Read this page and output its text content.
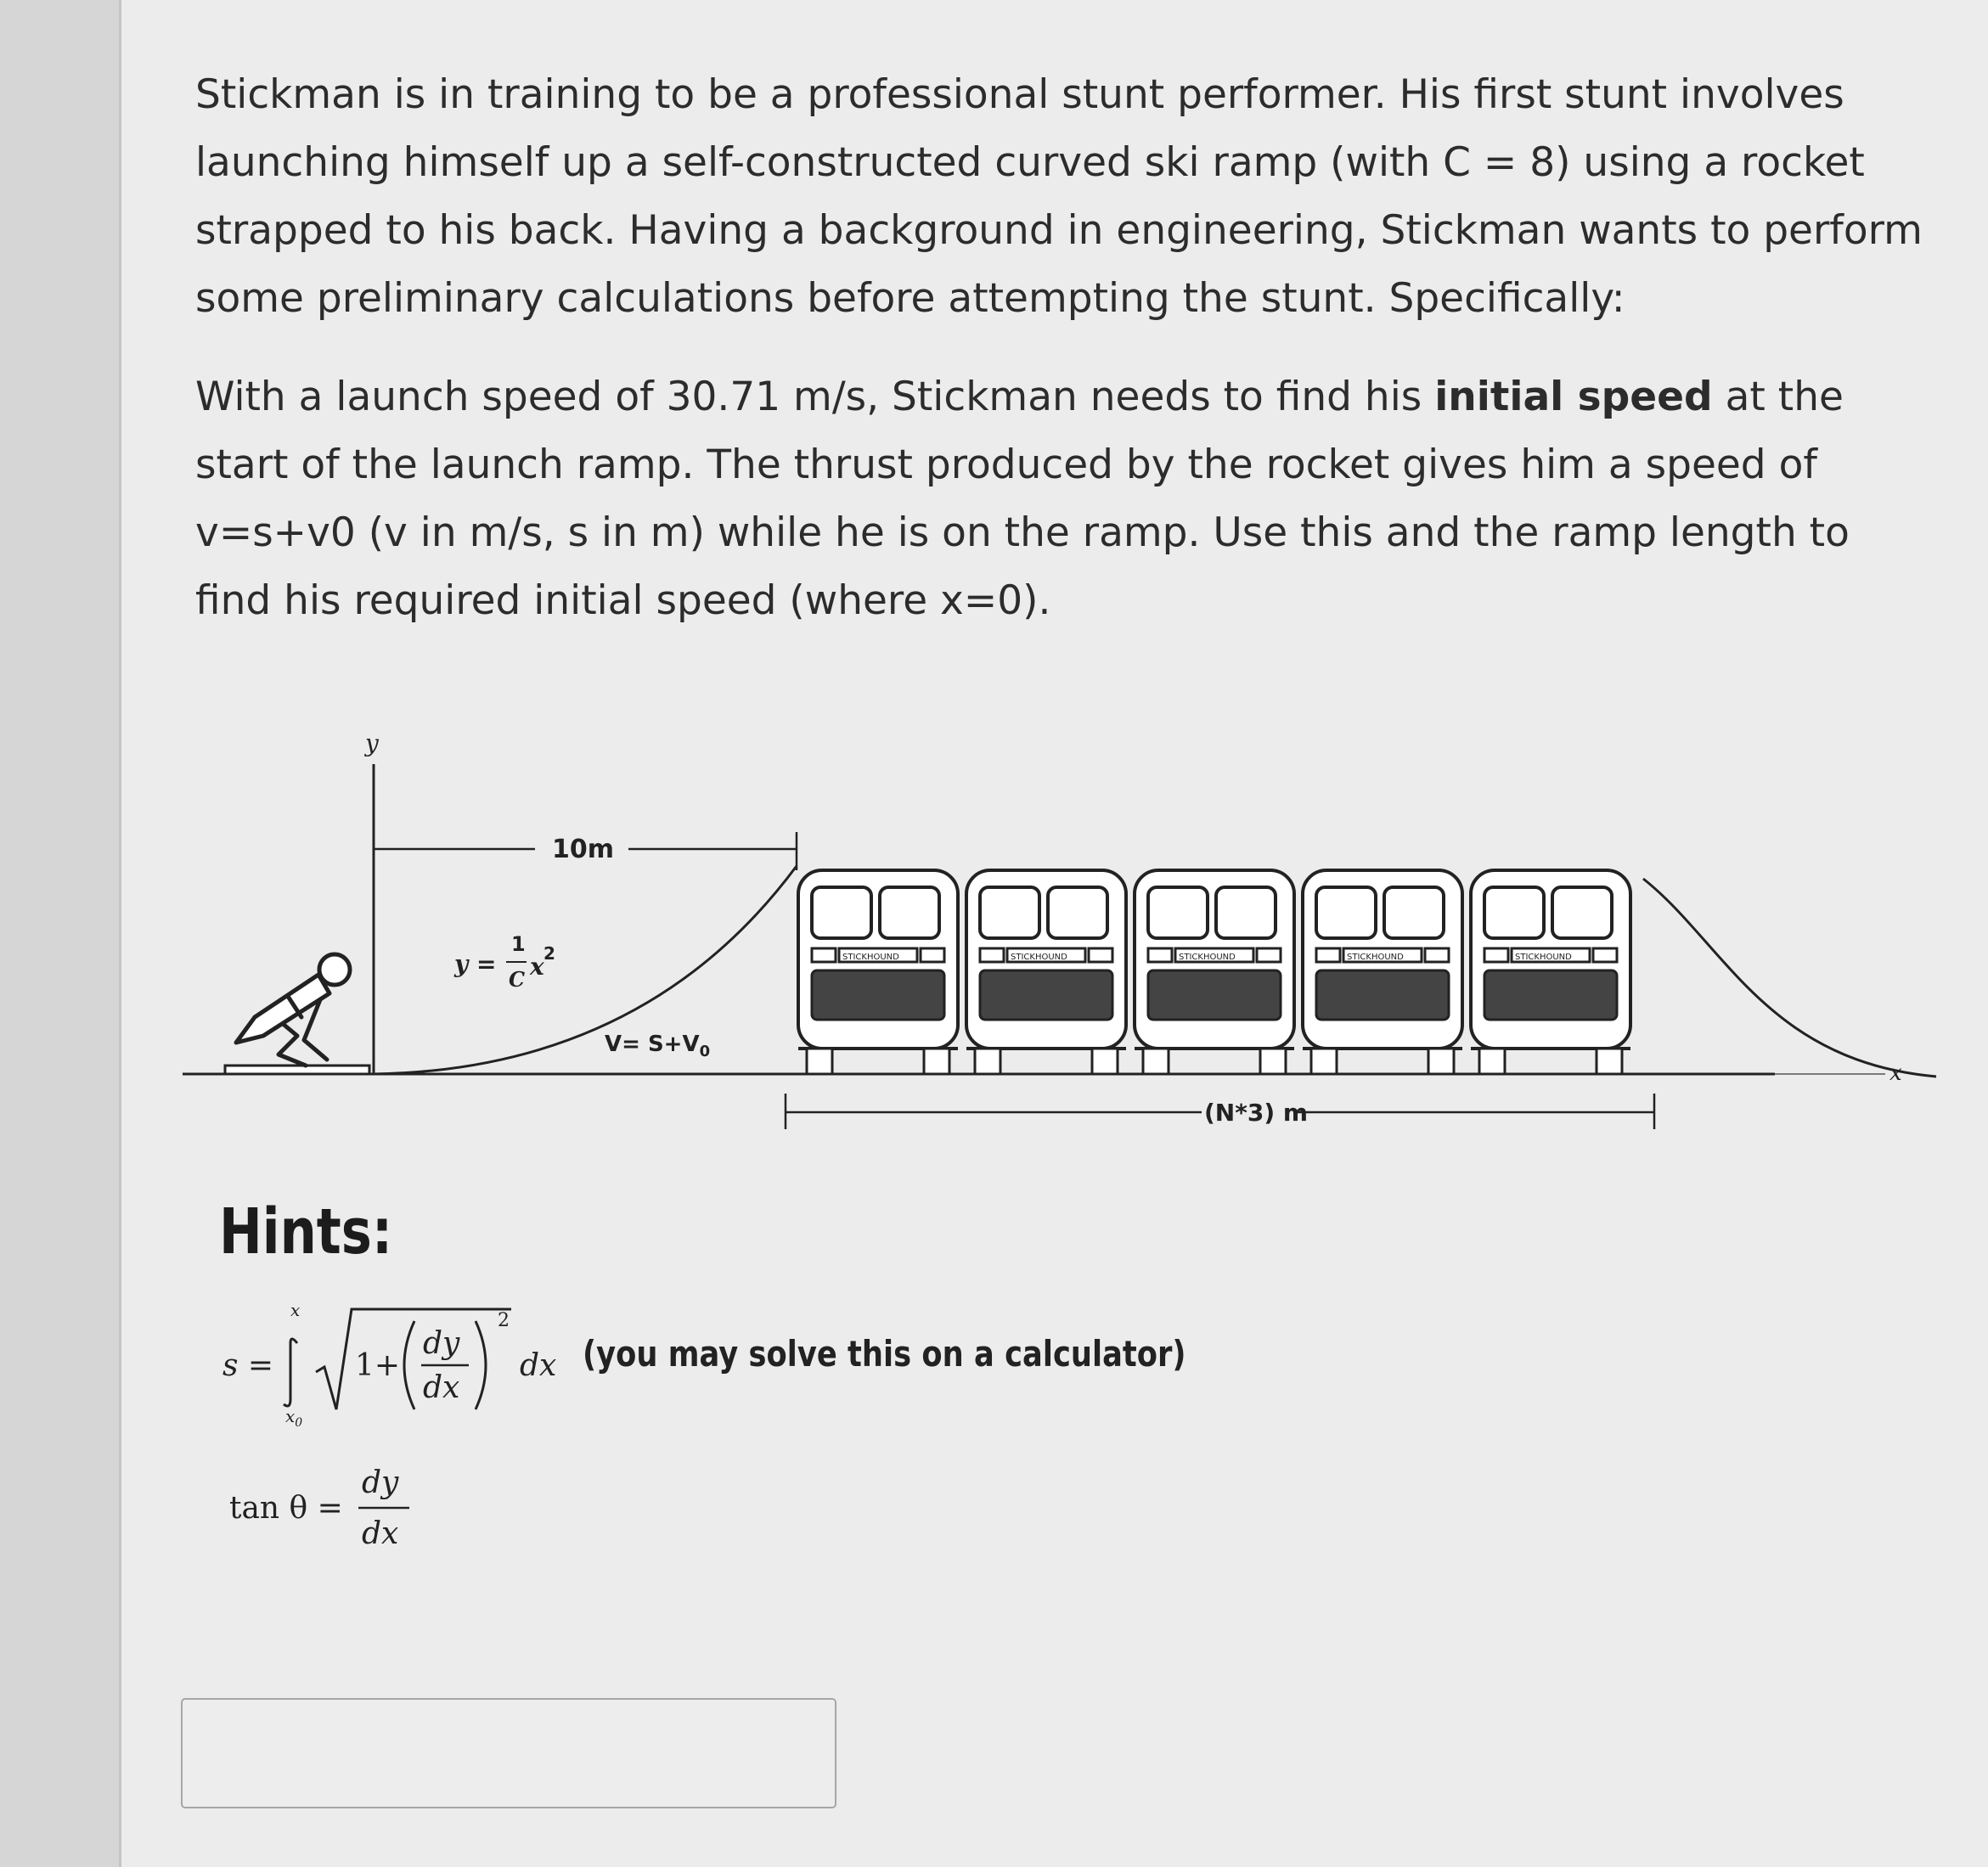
Stickman is in training to be a professional stunt performer. His first stunt involves launching himself up a self-constructed curved ski ramp (with C = 8) using a rocket strapped to his back. Having a background in engineering, Stickman wants to perform some preliminary calculations before attempting the stunt. Specifically:

With a launch speed of 30.71 m/s, Stickman needs to find his initial speed at the start of the launch ramp. The thrust produced by the rocket gives him a speed of v=s+v0 (v in m/s, s in m) while he is on the ramp. Use this and the ramp length to find his required initial speed (where x=0).

x
y
10m
y =
1
C x 2
$V= S+V_0$
STICKHOUND	STICKHOUND	STICKHOUND	STICKHOUND	STICKHOUND
(N*3) m
Hints:
s =
x
$x_0$
1+
dy
dx
2
dx (you may solve this on a calculator)
tan θ =
dy
dx
